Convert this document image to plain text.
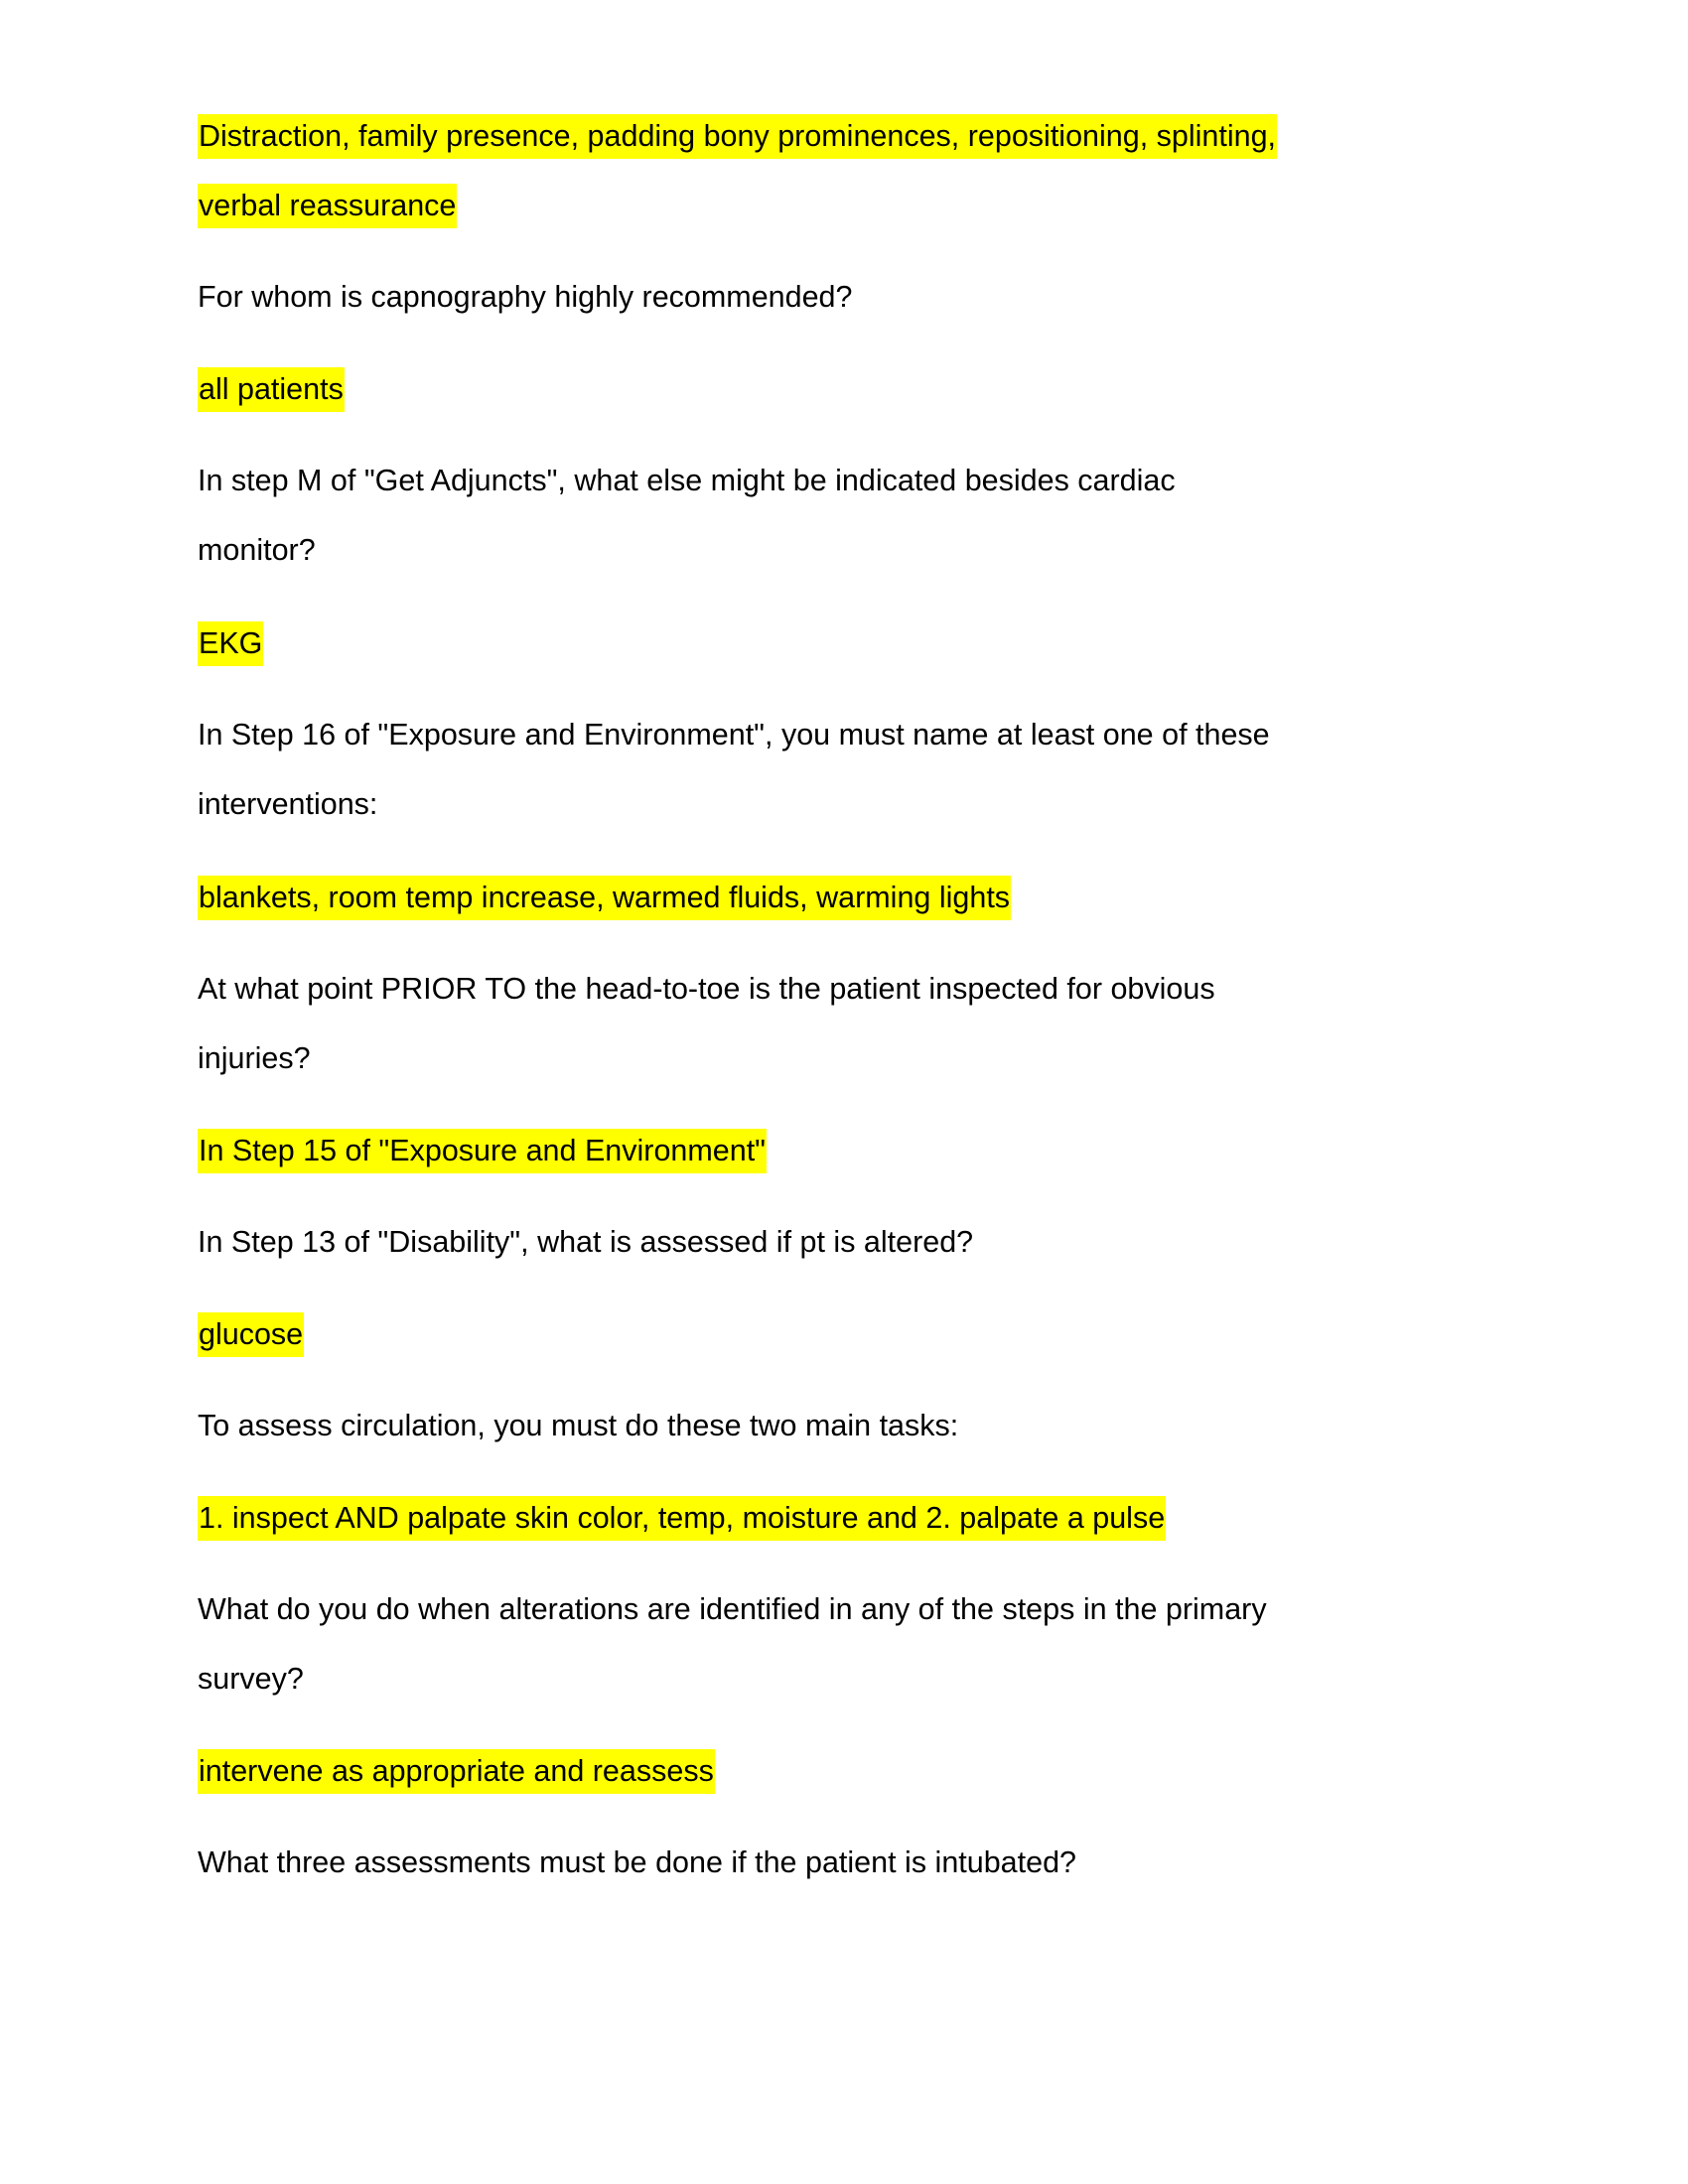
Distraction, family presence, padding bony prominences, repositioning, splinting,
verbal reassurance

For whom is capnography highly recommended?

all patients

In step M of "Get Adjuncts", what else might be indicated besides cardiac
monitor?

EKG

In Step 16 of "Exposure and Environment", you must name at least one of these
interventions:

blankets, room temp increase, warmed fluids, warming lights

At what point PRIOR TO the head-to-toe is the patient inspected for obvious
injuries?

In Step 15 of "Exposure and Environment"

In Step 13 of "Disability", what is assessed if pt is altered?

glucose

To assess circulation, you must do these two main tasks:

1. inspect AND palpate skin color, temp, moisture and 2. palpate a pulse

What do you do when alterations are identified in any of the steps in the primary
survey?

intervene as appropriate and reassess

What three assessments must be done if the patient is intubated?
